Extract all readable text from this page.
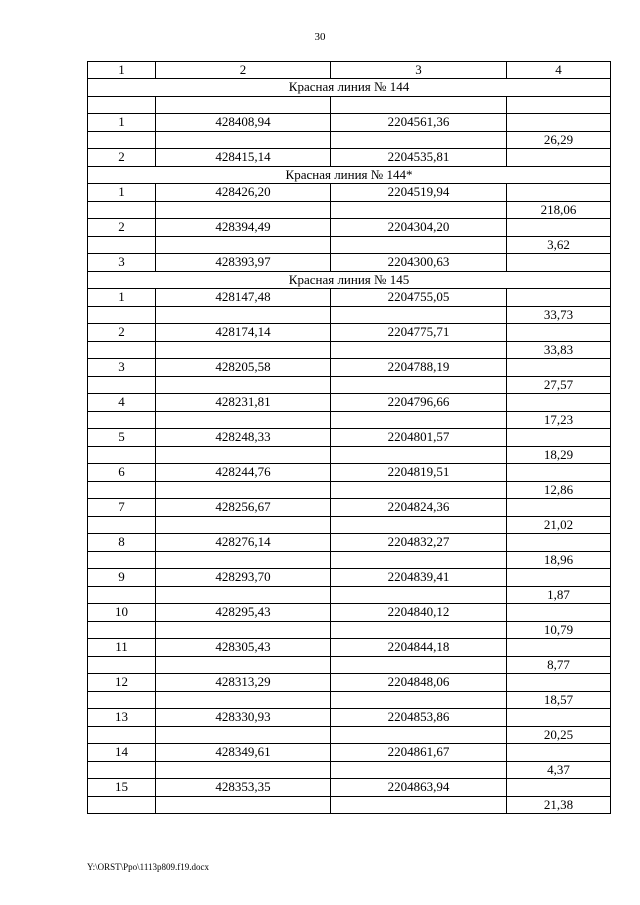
30
1	2	3	4
Красная линия № 144			

1	428408,94	2204561,36	
			26,29
2	428415,14	2204535,81	
Красная линия № 144*			
1	428426,20	2204519,94	
			218,06
2	428394,49	2204304,20	
			3,62
3	428393,97	2204300,63	
Красная линия № 145			
1	428147,48	2204755,05	
			33,73
2	428174,14	2204775,71	
			33,83
3	428205,58	2204788,19	
			27,57
4	428231,81	2204796,66	
			17,23
5	428248,33	2204801,57	
			18,29
6	428244,76	2204819,51	
			12,86
7	428256,67	2204824,36	
			21,02
8	428276,14	2204832,27	
			18,96
9	428293,70	2204839,41	
			1,87
10	428295,43	2204840,12	
			10,79
11	428305,43	2204844,18	
			8,77
12	428313,29	2204848,06	
			18,57
13	428330,93	2204853,86	
			20,25
14	428349,61	2204861,67	
			4,37
15	428353,35	2204863,94	
			21,38
Y:\ORST\Ppo\1113p809.f19.docx
